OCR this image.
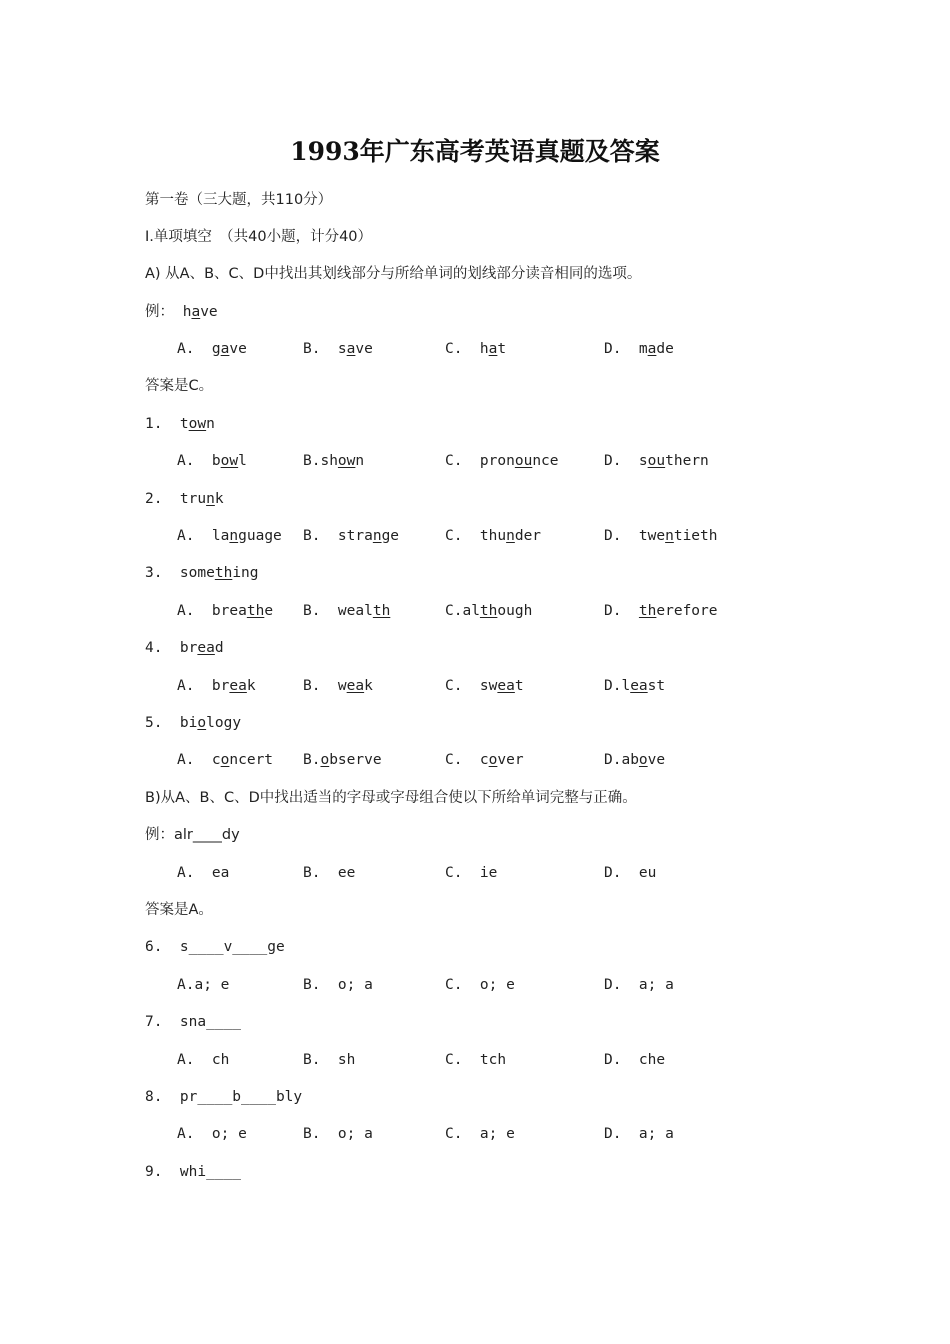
1993年广东高考英语真题及答案
第一卷（三大题，共110分）
Ⅰ.单项填空　（共40小题，计分40）
A) 从A、B、C、D中找出其划线部分与所给单词的划线部分读音相同的选项。
例： have
A.  gave	B.  save	C.  hat	D.  made
答案是C。
1.  town
A.  bowl	B.shown	C.  pronounce	D.  southern
2.  trunk
A.  language B.  strange	C.  thunder	D.  twentieth
3.  something
A.  breathe B.  wealth	C.although	D.  therefore
4.  bread
A.  break	B.  weak	C.  sweat	D.least
5.  biology
A.  concert B.observe	C.  cover	D.above
B)从A、B、C、D中找出适当的字母或字母组合使以下所给单词完整与正确。
例：alr____dy
A.  ea	B.  ee	C.  ie	D.  eu
答案是A。
6.  s____v____ge
A.a; e	B.  o; a	C.  o; e	D.  a; a
7.  sna____
A.  ch	B.  sh	C.  tch	D.  che
8.  pr____b____bly
A.  o; e	B.  o; a	C.  a; e	D.  a; a
9.  whi____
